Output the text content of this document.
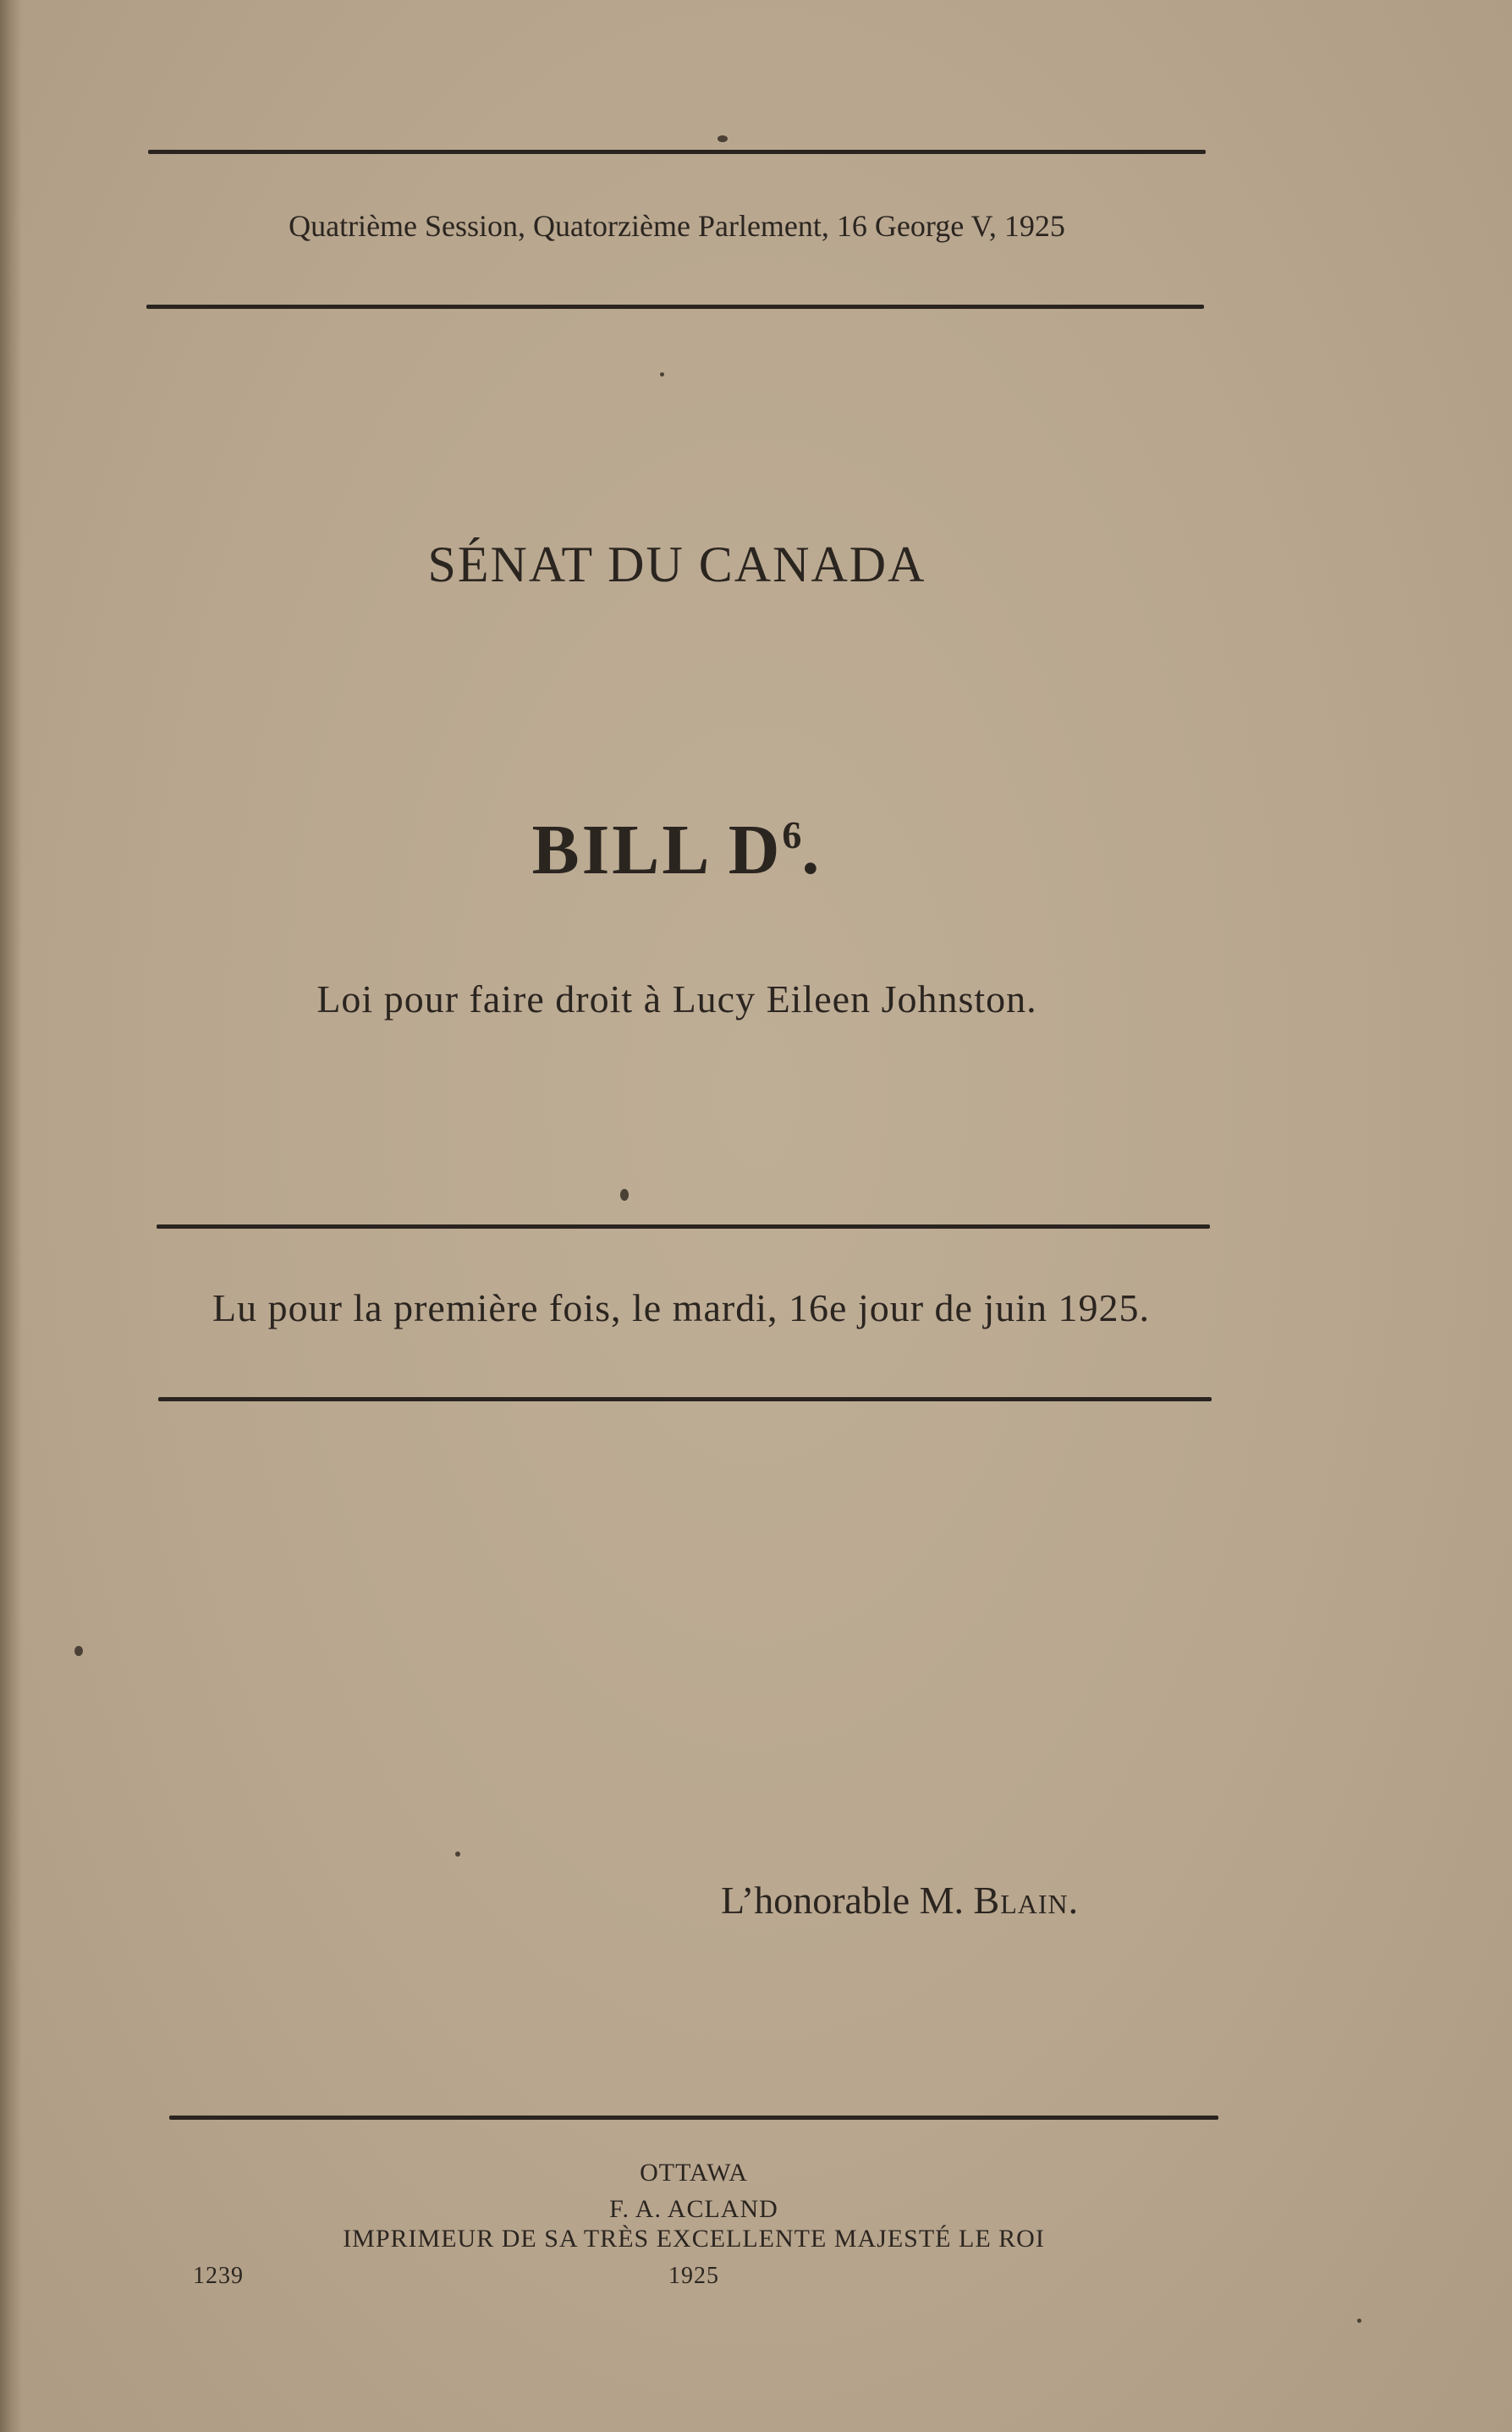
Quatrième Session, Quatorzième Parlement, 16 George V, 1925
SÉNAT DU CANADA
BILL $D^6$.
Loi pour faire droit à Lucy Eileen Johnston.
Lu pour la première fois, le mardi, 16e jour de juin 1925.
L’honorable M. Blain.
OTTAWA
F. A. ACLAND
IMPRIMEUR DE SA TRÈS EXCELLENTE MAJESTÉ LE ROI
1925
1239
